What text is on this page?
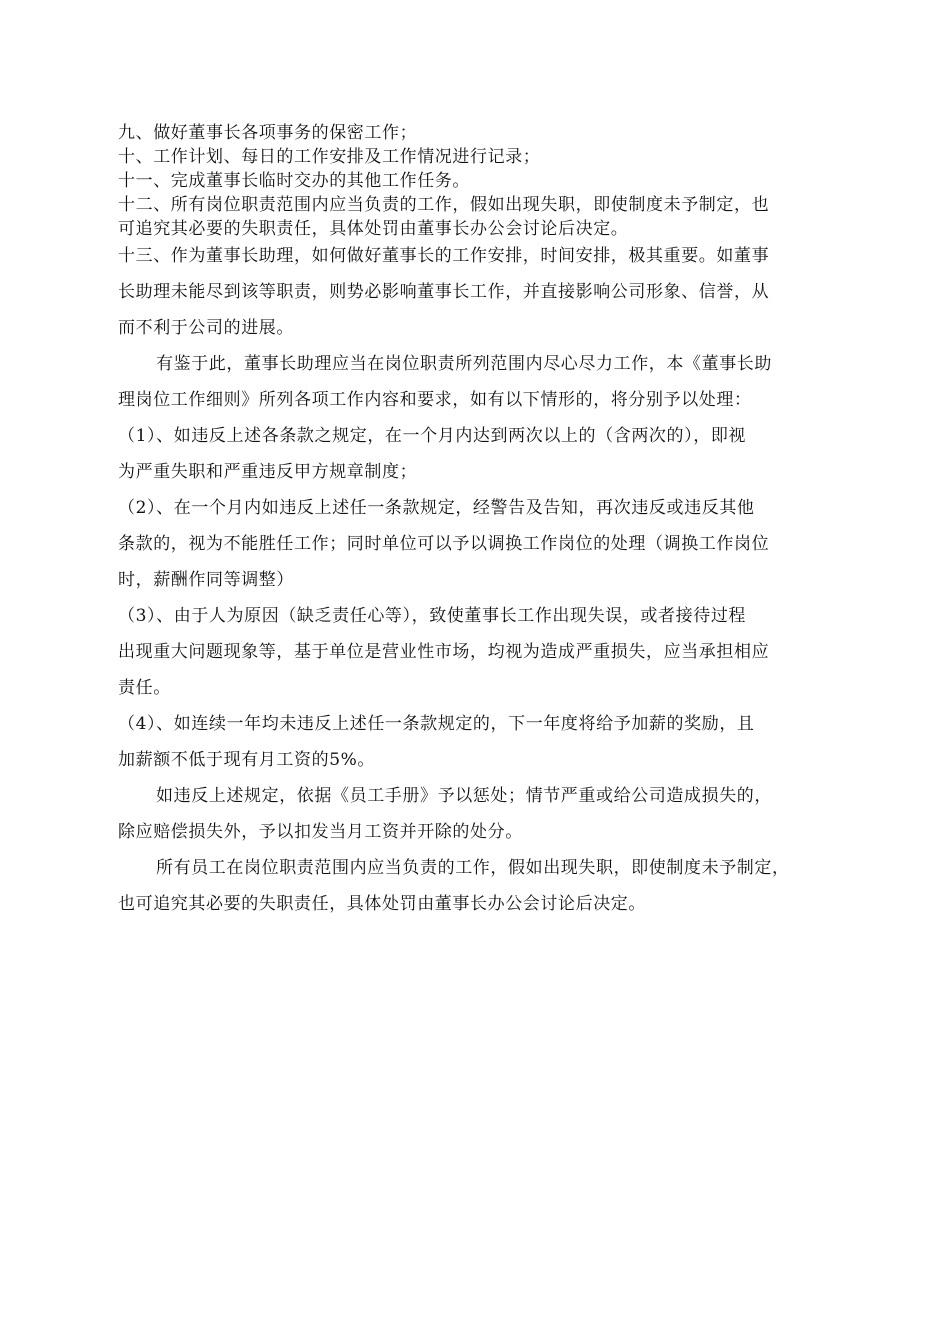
九、做好董事长各项事务的保密工作；
十、工作计划、每日的工作安排及工作情况进行记录；
十一、完成董事长临时交办的其他工作任务。
十二、所有岗位职责范围内应当负责的工作，假如出现失职，即使制度未予制定，也
可追究其必要的失职责任，具体处罚由董事长办公会讨论后决定。
十三、作为董事长助理，如何做好董事长的工作安排，时间安排，极其重要。如董事
长助理未能尽到该等职责，则势必影响董事长工作，并直接影响公司形象、信誉，从
而不利于公司的进展。
有鉴于此，董事长助理应当在岗位职责所列范围内尽心尽力工作，本《董事长助
理岗位工作细则》所列各项工作内容和要求，如有以下情形的，将分别予以处理：
（1）、如违反上述各条款之规定，在一个月内达到两次以上的（含两次的），即视
为严重失职和严重违反甲方规章制度；
（2）、在一个月内如违反上述任一条款规定，经警告及告知，再次违反或违反其他
条款的，视为不能胜任工作；同时单位可以予以调换工作岗位的处理（调换工作岗位
时，薪酬作同等调整）
（3）、由于人为原因（缺乏责任心等），致使董事长工作出现失误，或者接待过程
出现重大问题现象等，基于单位是营业性市场，均视为造成严重损失，应当承担相应
责任。
（4）、如连续一年均未违反上述任一条款规定的，下一年度将给予加薪的奖励，且
加薪额不低于现有月工资的5%。
如违反上述规定，依据《员工手册》予以惩处；情节严重或给公司造成损失的，
除应赔偿损失外，予以扣发当月工资并开除的处分。
所有员工在岗位职责范围内应当负责的工作，假如出现失职，即使制度未予制定，
也可追究其必要的失职责任，具体处罚由董事长办公会讨论后决定。
